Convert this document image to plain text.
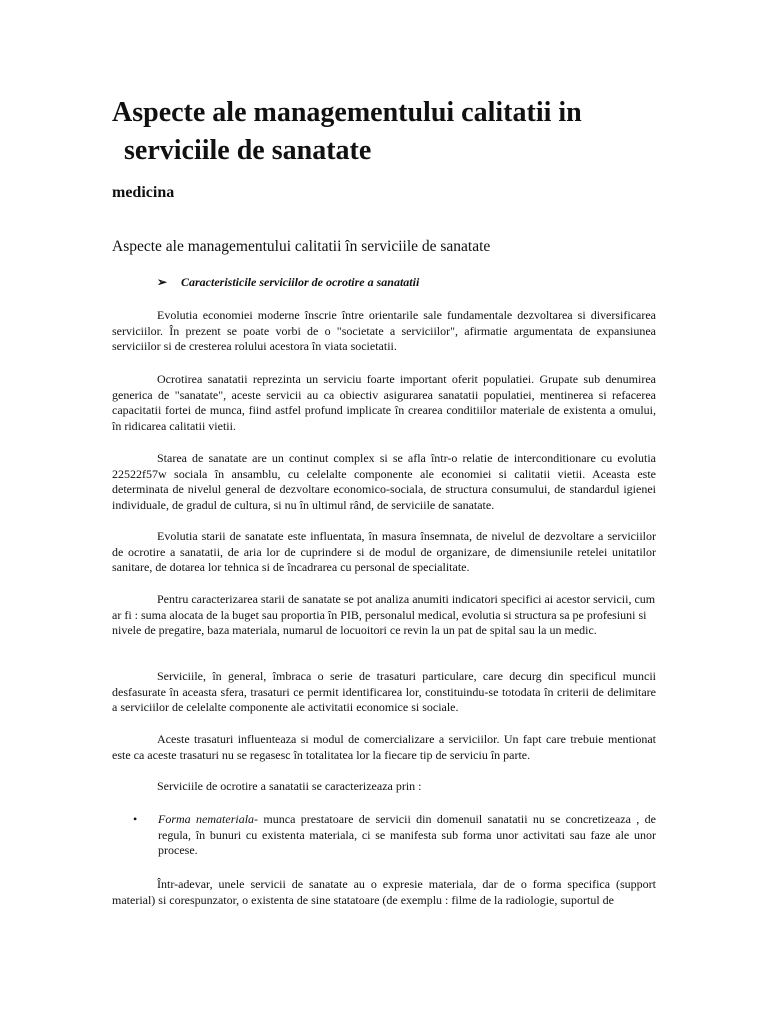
Aspecte ale managementului calitatii in
serviciile de sanatate
medicina
Aspecte ale managementului calitatii în serviciile de sanatate
➢ Caracteristicile serviciilor de ocrotire a sanatatii

Evolutia economiei moderne înscrie între orientarile sale fundamentale dezvoltarea si diversificarea serviciilor. În prezent se poate vorbi de o "societate a serviciilor", afirmatie argumentata de expansiunea serviciilor si de cresterea rolului acestora în viata societatii.

Ocrotirea sanatatii reprezinta un serviciu foarte important oferit populatiei. Grupate sub denumirea generica de "sanatate", aceste servicii au ca obiectiv asigurarea sanatatii populatiei, mentinerea si refacerea capacitatii fortei de munca, fiind astfel profund implicate în crearea conditiilor materiale de existenta a omului, în ridicarea calitatii vietii.

Starea de sanatate are un continut complex si se afla într-o relatie de interconditionare cu evolutia 22522f57w sociala în ansamblu, cu celelalte componente ale economiei si calitatii vietii. Aceasta este determinata de nivelul general de dezvoltare economico-sociala, de structura consumului, de standardul igienei individuale, de gradul de cultura, si nu în ultimul rând, de serviciile de sanatate.

Evolutia starii de sanatate este influentata, în masura însemnata, de nivelul de dezvoltare a serviciilor de ocrotire a sanatatii, de aria lor de cuprindere si de modul de organizare, de dimensiunile retelei unitatilor sanitare, de dotarea lor tehnica si de încadrarea cu personal de specialitate.

Pentru caracterizarea starii de sanatate se pot analiza anumiti indicatori specifici ai acestor servicii, cum ar fi : suma alocata de la buget sau proportia în PIB, personalul medical, evolutia si structura sa pe profesiuni si nivele de pregatire, baza materiala, numarul de locuoitori ce revin la un pat de spital sau la un medic.

Serviciile, în general, îmbraca o serie de trasaturi particulare, care decurg din specificul muncii desfasurate în aceasta sfera, trasaturi ce permit identificarea lor, constituindu-se totodata în criterii de delimitare a serviciilor de celelalte componente ale activitatii economice si sociale.

Aceste trasaturi influenteaza si modul de comercializare a serviciilor. Un fapt care trebuie mentionat este ca aceste trasaturi nu se regasesc în totalitatea lor la fiecare tip de serviciu în parte.

Serviciile de ocrotire a sanatatii se caracterizeaza prin :

• Forma nemateriala- munca prestatoare de servicii din domenuil sanatatii nu se concretizeaza , de regula, în bunuri cu existenta materiala, ci se manifesta sub forma unor activitati sau faze ale unor procese.

Într-adevar, unele servicii de sanatate au o expresie materiala, dar de o forma specifica (support material) si corespunzator, o existenta de sine statatoare (de exemplu : filme de la radiologie, suportul de
